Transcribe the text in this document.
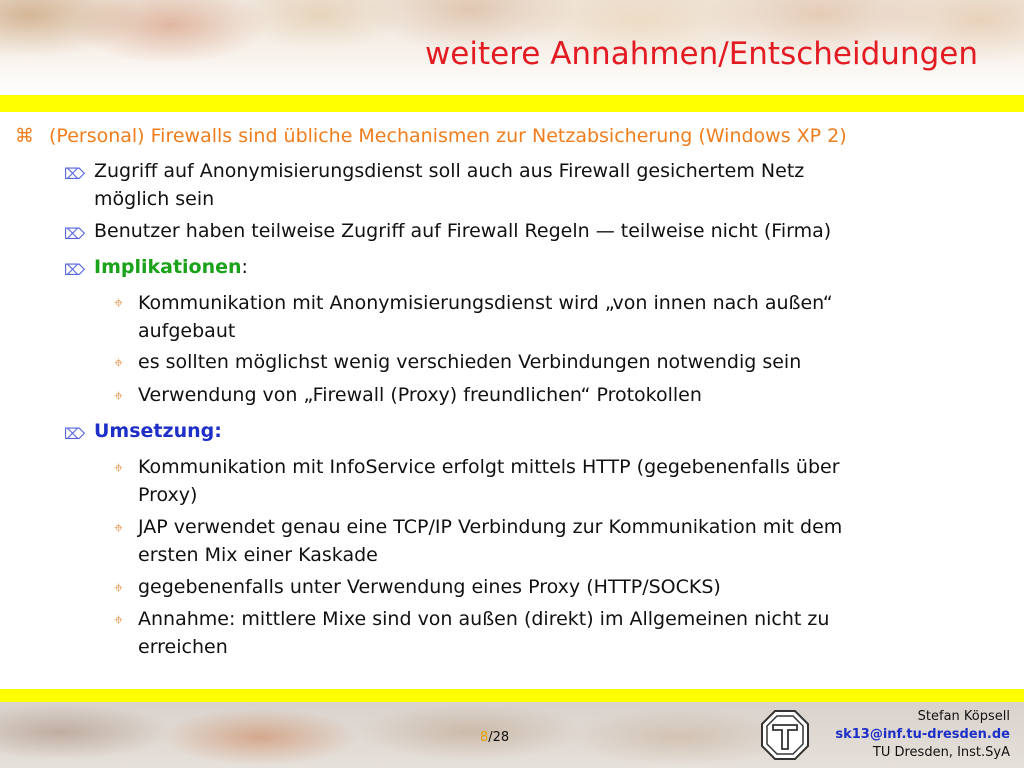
weitere Annahmen/Entscheidungen
⌘ (Personal) Firewalls sind übliche Mechanismen zur Netzabsicherung (Windows XP 2)
⌦ Zugriff auf Anonymisierungsdienst soll auch aus Firewall gesichertem Netz
möglich sein
⌦ Benutzer haben teilweise Zugriff auf Firewall Regeln — teilweise nicht (Firma)
⌦ Implikationen:
⌖ Kommunikation mit Anonymisierungsdienst wird „von innen nach außen“
aufgebaut
⌖ es sollten möglichst wenig verschieden Verbindungen notwendig sein
⌖ Verwendung von „Firewall (Proxy) freundlichen“ Protokollen
⌦ Umsetzung:
⌖ Kommunikation mit InfoService erfolgt mittels HTTP (gegebenenfalls über
Proxy)
⌖ JAP verwendet genau eine TCP/IP Verbindung zur Kommunikation mit dem
ersten Mix einer Kaskade
⌖ gegebenenfalls unter Verwendung eines Proxy (HTTP/SOCKS)
⌖ Annahme: mittlere Mixe sind von außen (direkt) im Allgemeinen nicht zu
erreichen
8/28
Stefan Köpsell
sk13@inf.tu-dresden.de
TU Dresden, Inst.SyA
